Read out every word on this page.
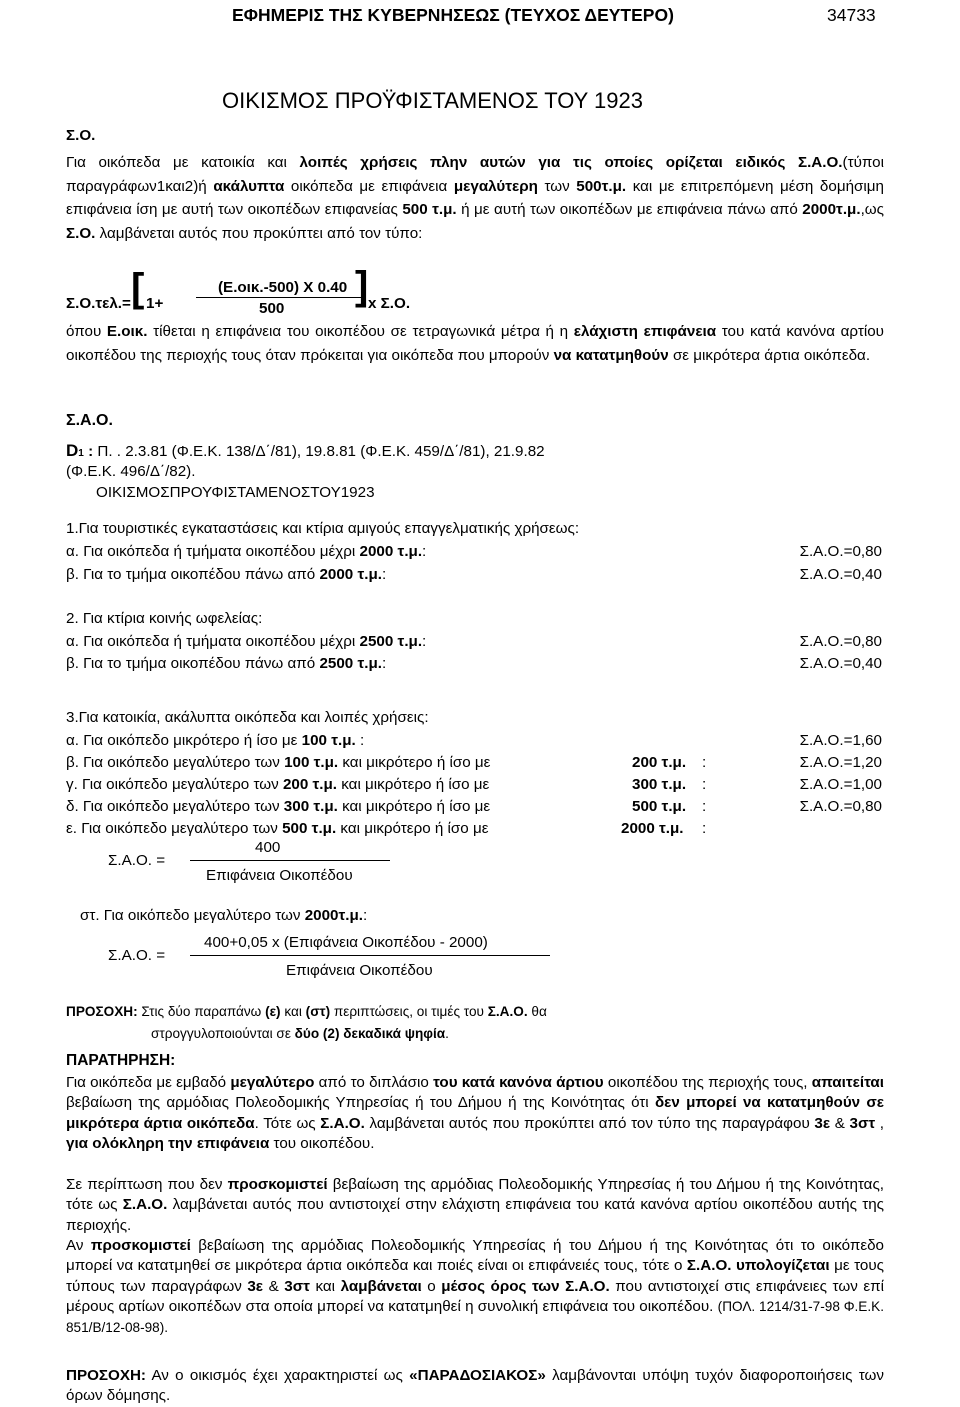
ΕΦΗΜΕΡΙΣ ΤΗΣ ΚΥΒΕΡΝΗΣΕΩΣ (ΤΕΥΧΟΣ ΔΕΥΤΕΡΟ)	34733
ΟΙΚΙΣΜΟΣ ΠΡΟΫΦΙΣΤΑΜΕΝΟΣ ΤΟΥ 1923
Σ.Ο.
Για οικόπεδα με κατοικία και λοιπές χρήσεις πλην αυτών για τις οποίες ορίζεται ειδικός Σ.Α.Ο.(τύποι παραγράφων1και2)ή ακάλυπτα οικόπεδα με επιφάνεια μεγαλύτερη των 500τ.μ. και με επιτρεπόμενη μέση δομήσιμη επιφάνεια ίση με αυτή των οικοπέδων επιφανείας 500 τ.μ. ή με αυτή των οικοπέδων με επιφάνεια πάνω από 2000τ.μ.,ως Σ.Ο. λαμβάνεται αυτός που προκύπτει από τον τύπο:
Σ.Ο.τελ.= [ 1+
(Ε.οικ.-500) Χ 0.40
500
] x Σ.Ο.
όπου Ε.οικ. τίθεται η επιφάνεια του οικοπέδου σε τετραγωνικά μέτρα ή η ελάχιστη επιφάνεια του κατά κανόνα αρτίου οικοπέδου της περιοχής τους όταν πρόκειται για οικόπεδα που μπορούν να κατατμηθούν σε μικρότερα άρτια οικόπεδα.
Σ.Α.Ο.
D1 : Π. . 2.3.81 (Φ.Ε.Κ. 138/Δ΄/81), 19.8.81 (Φ.Ε.Κ. 459/Δ΄/81), 21.9.82
(Φ.Ε.Κ. 496/Δ΄/82).
ΟΙΚΙΣΜΟΣΠΡΟΥΦΙΣΤΑΜΕΝΟΣΤΟΥ1923
1.Για τουριστικές εγκαταστάσεις και κτίρια αμιγούς επαγγελματικής χρήσεως:
α. Για οικόπεδα ή τμήματα οικοπέδου μέχρι 2000 τ.μ.:	Σ.Α.Ο.=0,80
β. Για το τμήμα οικοπέδου πάνω από 2000 τ.μ.:	Σ.Α.Ο.=0,40
2. Για κτίρια κοινής ωφελείας:
α. Για οικόπεδα ή τμήματα οικοπέδου μέχρι 2500 τ.μ.:	Σ.Α.Ο.=0,80
β. Για το τμήμα οικοπέδου πάνω από 2500 τ.μ.:	Σ.Α.Ο.=0,40
3.Για κατοικία, ακάλυπτα οικόπεδα και λοιπές χρήσεις:
α. Για οικόπεδο μικρότερο ή ίσο με 100 τ.μ. :	Σ.Α.Ο.=1,60
β. Για οικόπεδο μεγαλύτερο των 100 τ.μ. και μικρότερο ή ίσο με	200 τ.μ. :	Σ.Α.Ο.=1,20
γ. Για οικόπεδο μεγαλύτερο των 200 τ.μ. και μικρότερο ή ίσο με	300 τ.μ. :	Σ.Α.Ο.=1,00
δ. Για οικόπεδο μεγαλύτερο των 300 τ.μ. και μικρότερο ή ίσο με	500 τ.μ. :	Σ.Α.Ο.=0,80
ε. Για οικόπεδο μεγαλύτερο των 500 τ.μ. και μικρότερο ή ίσο με	2000 τ.μ. :
Σ.Α.Ο. =
400
Επιφάνεια Οικοπέδου
στ. Για οικόπεδο μεγαλύτερο των 2000τ.μ.:
Σ.Α.Ο. =
400+0,05 x (Επιφάνεια Οικοπέδου - 2000)
Επιφάνεια Οικοπέδου
ΠΡΟΣΟΧΗ: Στις δύο παραπάνω (ε) και (στ) περιπτώσεις, οι τιμές του Σ.Α.Ο. θα
στρογγυλοποιούνται σε δύο (2) δεκαδικά ψηφία.
ΠΑΡΑΤΗΡΗΣΗ:
Για οικόπεδα με εμβαδό μεγαλύτερο από το διπλάσιο του κατά κανόνα άρτιου οικοπέδου της περιοχής τους, απαιτείται βεβαίωση της αρμόδιας Πολεοδομικής Υπηρεσίας ή του Δήμου ή της Κοινότητας ότι δεν μπορεί να κατατμηθούν σε μικρότερα άρτια οικόπεδα. Τότε ως Σ.Α.Ο. λαμβάνεται αυτός που προκύπτει από τον τύπο της παραγράφου 3ε & 3στ , για ολόκληρη την επιφάνεια του οικοπέδου.
Σε περίπτωση που δεν προσκομιστεί βεβαίωση της αρμόδιας Πολεοδομικής Υπηρεσίας ή του Δήμου ή της Κοινότητας, τότε ως Σ.Α.Ο. λαμβάνεται αυτός που αντιστοιχεί στην ελάχιστη επιφάνεια του κατά κανόνα αρτίου οικοπέδου αυτής της περιοχής.
Αν προσκομιστεί βεβαίωση της αρμόδιας Πολεοδομικής Υπηρεσίας ή του Δήμου ή της Κοινότητας ότι το οικόπεδο μπορεί να κατατμηθεί σε μικρότερα άρτια οικόπεδα και ποιές είναι οι επιφάνειές τους, τότε ο Σ.Α.Ο. υπολογίζεται με τους τύπους των παραγράφων 3ε & 3στ και λαμβάνεται ο μέσος όρος των Σ.Α.Ο. που αντιστοιχεί στις επιφάνειες των επί μέρους αρτίων οικοπέδων στα οποία μπορεί να κατατμηθεί η συνολική επιφάνεια του οικοπέδου. (ΠΟΛ. 1214/31-7-98 Φ.Ε.Κ. 851/Β/12-08-98).
ΠΡΟΣΟΧΗ: Αν ο οικισμός έχει χαρακτηριστεί ως «ΠΑΡΑΔΟΣΙΑΚΟΣ» λαμβάνονται υπόψη τυχόν διαφοροποιήσεις των όρων δόμησης.
